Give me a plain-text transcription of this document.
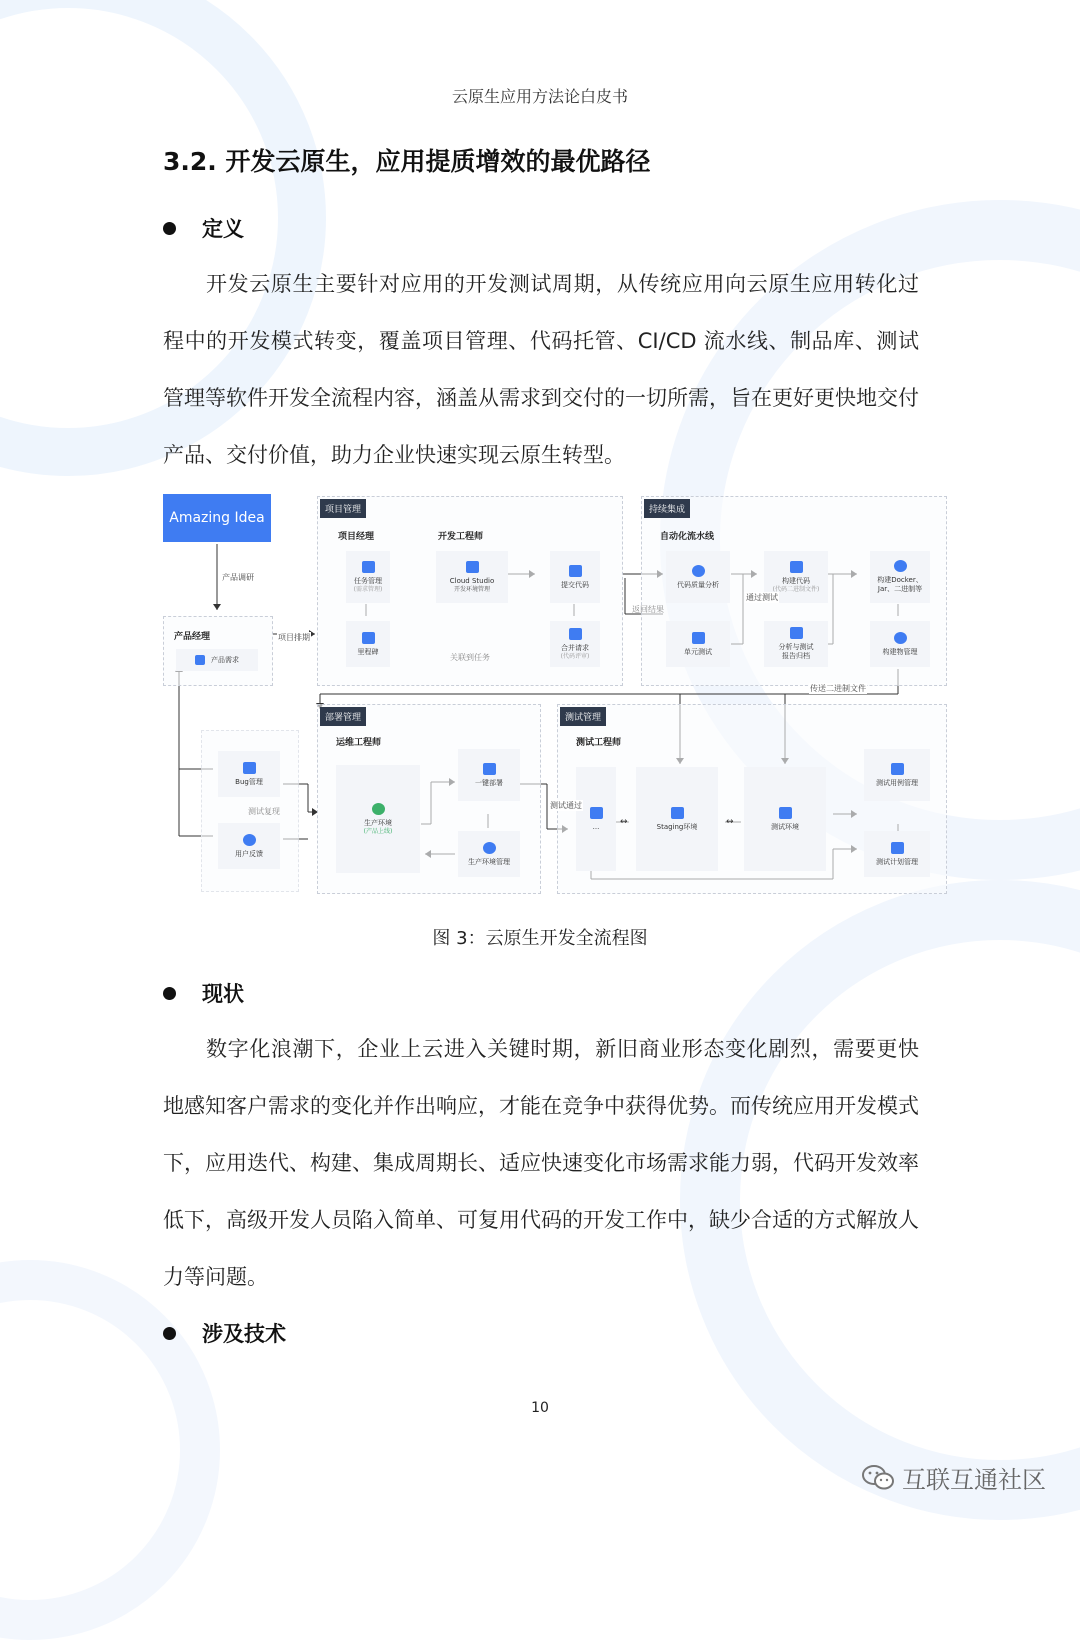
云原生应用方法论白皮书
3.2. 开发云原生，应用提质增效的最优路径
定义
开发云原生主要针对应用的开发测试周期，从传统应用向云原生应用转化过程中的开发模式转变，覆盖项目管理、代码托管、CI/CD 流水线、制品库、测试管理等软件开发全流程内容，涵盖从需求到交付的一切所需，旨在更好更快地交付产品、交付价值，助力企业快速实现云原生转型。
Amazing Idea
产品经理
产品需求
项目管理
项目经理	开发工程师
任务管理
(需求管理)
里程碑
Cloud Studio
开发环境管理
提交代码
合并请求
(代码评审)
产品调研
项目排期
关联到任务
持续集成
自动化流水线
代码质量分析
单元测试
构建代码
(代码二进制文件)
分析与测试
报告归档
构建Docker、
Jar、二进制等
构建物管理
返回结果
通过测试
传送二进制文件
Bug管理
用户反馈
测试复现
部署管理
运维工程师
生产环境
(产品上线)
一键部署
生产环境管理
测试管理
测试工程师
...	Staging环境	测试环境
测试用例管理
测试计划管理
↔	↔
测试通过
图 3：云原生开发全流程图
现状
数字化浪潮下，企业上云进入关键时期，新旧商业形态变化剧烈，需要更快地感知客户需求的变化并作出响应，才能在竞争中获得优势。而传统应用开发模式下，应用迭代、构建、集成周期长、适应快速变化市场需求能力弱，代码开发效率低下，高级开发人员陷入简单、可复用代码的开发工作中，缺少合适的方式解放人力等问题。
涉及技术
10
互联互通社区
